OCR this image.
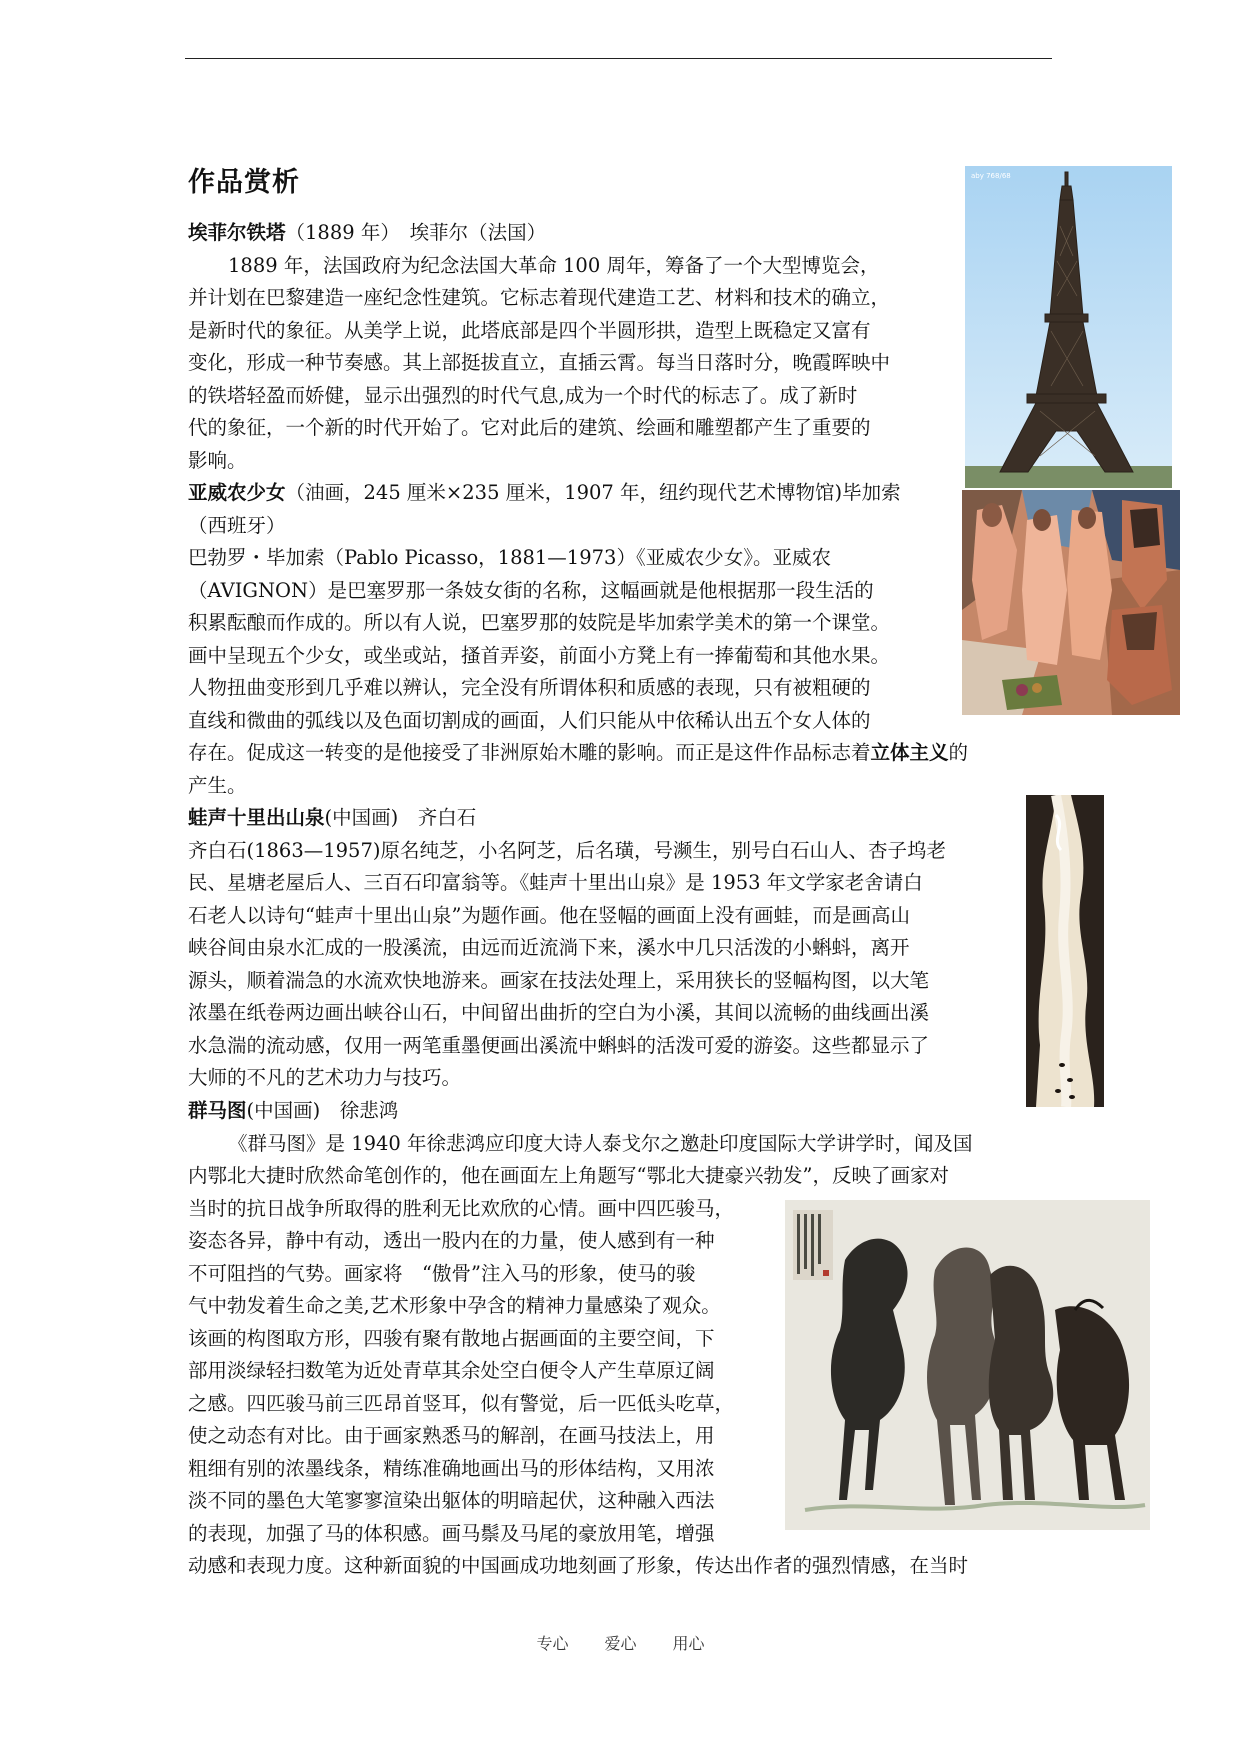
作品赏析
埃菲尔铁塔（1889 年）　埃菲尔（法国）
1889 年，法国政府为纪念法国大革命 100 周年，筹备了一个大型博览会，
并计划在巴黎建造一座纪念性建筑。它标志着现代建造工艺、材料和技术的确立，
是新时代的象征。从美学上说，此塔底部是四个半圆形拱，造型上既稳定又富有
变化，形成一种节奏感。其上部挺拔直立，直插云霄。每当日落时分，晚霞晖映中
的铁塔轻盈而娇健，显示出强烈的时代气息,成为一个时代的标志了。成了新时
代的象征，一个新的时代开始了。它对此后的建筑、绘画和雕塑都产生了重要的
影响。
亚威农少女（油画，245 厘米×235 厘米，1907 年，纽约现代艺术博物馆)毕加索
（西班牙）
巴勃罗・毕加索（Pablo Picasso，1881—1973）《亚威农少女》。亚威农
（AVIGNON）是巴塞罗那一条妓女街的名称，这幅画就是他根据那一段生活的
积累酝酿而作成的。所以有人说，巴塞罗那的妓院是毕加索学美术的第一个课堂。
画中呈现五个少女，或坐或站，搔首弄姿，前面小方凳上有一捧葡萄和其他水果。
人物扭曲变形到几乎难以辨认，完全没有所谓体积和质感的表现，只有被粗硬的
直线和微曲的弧线以及色面切割成的画面，人们只能从中依稀认出五个女人体的
存在。促成这一转变的是他接受了非洲原始木雕的影响。而正是这件作品标志着立体主义的
产生。
蛙声十里出山泉(中国画)　齐白石
齐白石(1863—1957)原名纯芝，小名阿芝，后名璜，号濒生，别号白石山人、杏子坞老
民、星塘老屋后人、三百石印富翁等。《蛙声十里出山泉》是 1953 年文学家老舍请白
石老人以诗句“蛙声十里出山泉”为题作画。他在竖幅的画面上没有画蛙，而是画高山
峡谷间由泉水汇成的一股溪流，由远而近流淌下来，溪水中几只活泼的小蝌蚪，离开
源头，顺着湍急的水流欢快地游来。画家在技法处理上，采用狭长的竖幅构图，以大笔
浓墨在纸卷两边画出峡谷山石，中间留出曲折的空白为小溪，其间以流畅的曲线画出溪
水急湍的流动感，仅用一两笔重墨便画出溪流中蝌蚪的活泼可爱的游姿。这些都显示了
大师的不凡的艺术功力与技巧。
群马图(中国画)　徐悲鸿
《群马图》是 1940 年徐悲鸿应印度大诗人泰戈尔之邀赴印度国际大学讲学时，闻及国
内鄂北大捷时欣然命笔创作的，他在画面左上角题写“鄂北大捷豪兴勃发”，反映了画家对
当时的抗日战争所取得的胜利无比欢欣的心情。画中四匹骏马，
姿态各异，静中有动，透出一股内在的力量，使人感到有一种
不可阻挡的气势。画家将　“傲骨”注入马的形象，使马的骏
气中勃发着生命之美,艺术形象中孕含的精神力量感染了观众。
该画的构图取方形，四骏有聚有散地占据画面的主要空间，下
部用淡绿轻扫数笔为近处青草其余处空白便令人产生草原辽阔
之感。四匹骏马前三匹昂首竖耳，似有警觉，后一匹低头吃草，
使之动态有对比。由于画家熟悉马的解剖，在画马技法上，用
粗细有别的浓墨线条，精练准确地画出马的形体结构，又用浓
淡不同的墨色大笔寥寥渲染出躯体的明暗起伏，这种融入西法
的表现，加强了马的体积感。画马鬃及马尾的豪放用笔，增强
动感和表现力度。这种新面貌的中国画成功地刻画了形象，传达出作者的强烈情感，在当时
aby 768/68
专心 爱心 用心
